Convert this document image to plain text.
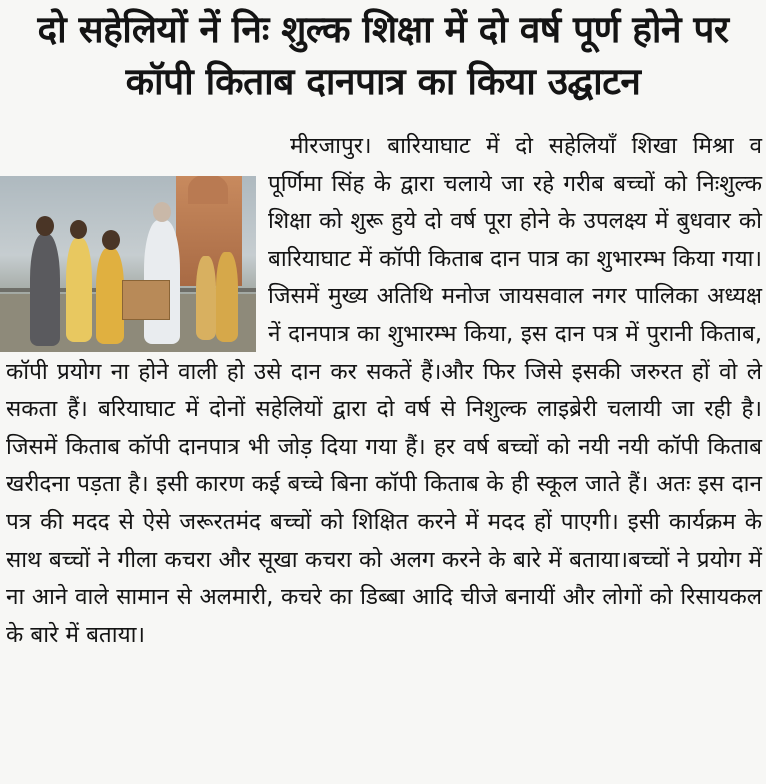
दो सहेलियों नें निः शुल्क शिक्षा में दो वर्ष पूर्ण होने पर
कॉपी किताब दानपात्र का किया उद्घाटन

मीरजापुर। बारियाघाट में दो सहेलियाँ शिखा मिश्रा व पूर्णिमा सिंह के द्वारा चलाये जा रहे गरीब बच्चों को निःशुल्क शिक्षा को शुरू हुये दो वर्ष पूरा होने के उपलक्ष्य में बुधवार को बारियाघाट में कॉपी किताब दान पात्र का शुभारम्भ किया गया। जिसमें मुख्य अतिथि मनोज जायसवाल नगर पालिका अध्यक्ष नें दानपात्र का शुभारम्भ किया, इस दान पत्र में पुरानी किताब, कॉपी प्रयोग ना होने वाली हो उसे दान कर सकतें हैं।और फिर जिसे इसकी जरुरत हों वो ले सकता हैं। बरियाघाट में दोनों सहेलियों द्वारा दो वर्ष से निशुल्क लाइब्रेरी चलायी जा रही है। जिसमें किताब कॉपी दानपात्र भी जोड़ दिया गया हैं। हर वर्ष बच्चों को नयी नयी कॉपी किताब खरीदना पड़ता है। इसी कारण कई बच्चे बिना कॉपी किताब के ही स्कूल जाते हैं। अतः इस दान पत्र की मदद से ऐसे जरूरतमंद बच्चों को शिक्षित करने में मदद हों पाएगी। इसी कार्यक्रम के साथ बच्चों ने गीला कचरा और सूखा कचरा को अलग करने के बारे में बताया।बच्चों ने प्रयोग में ना आने वाले सामान से अलमारी, कचरे का डिब्बा आदि चीजे बनायीं और लोगों को रिसायकल के बारे में बताया।
